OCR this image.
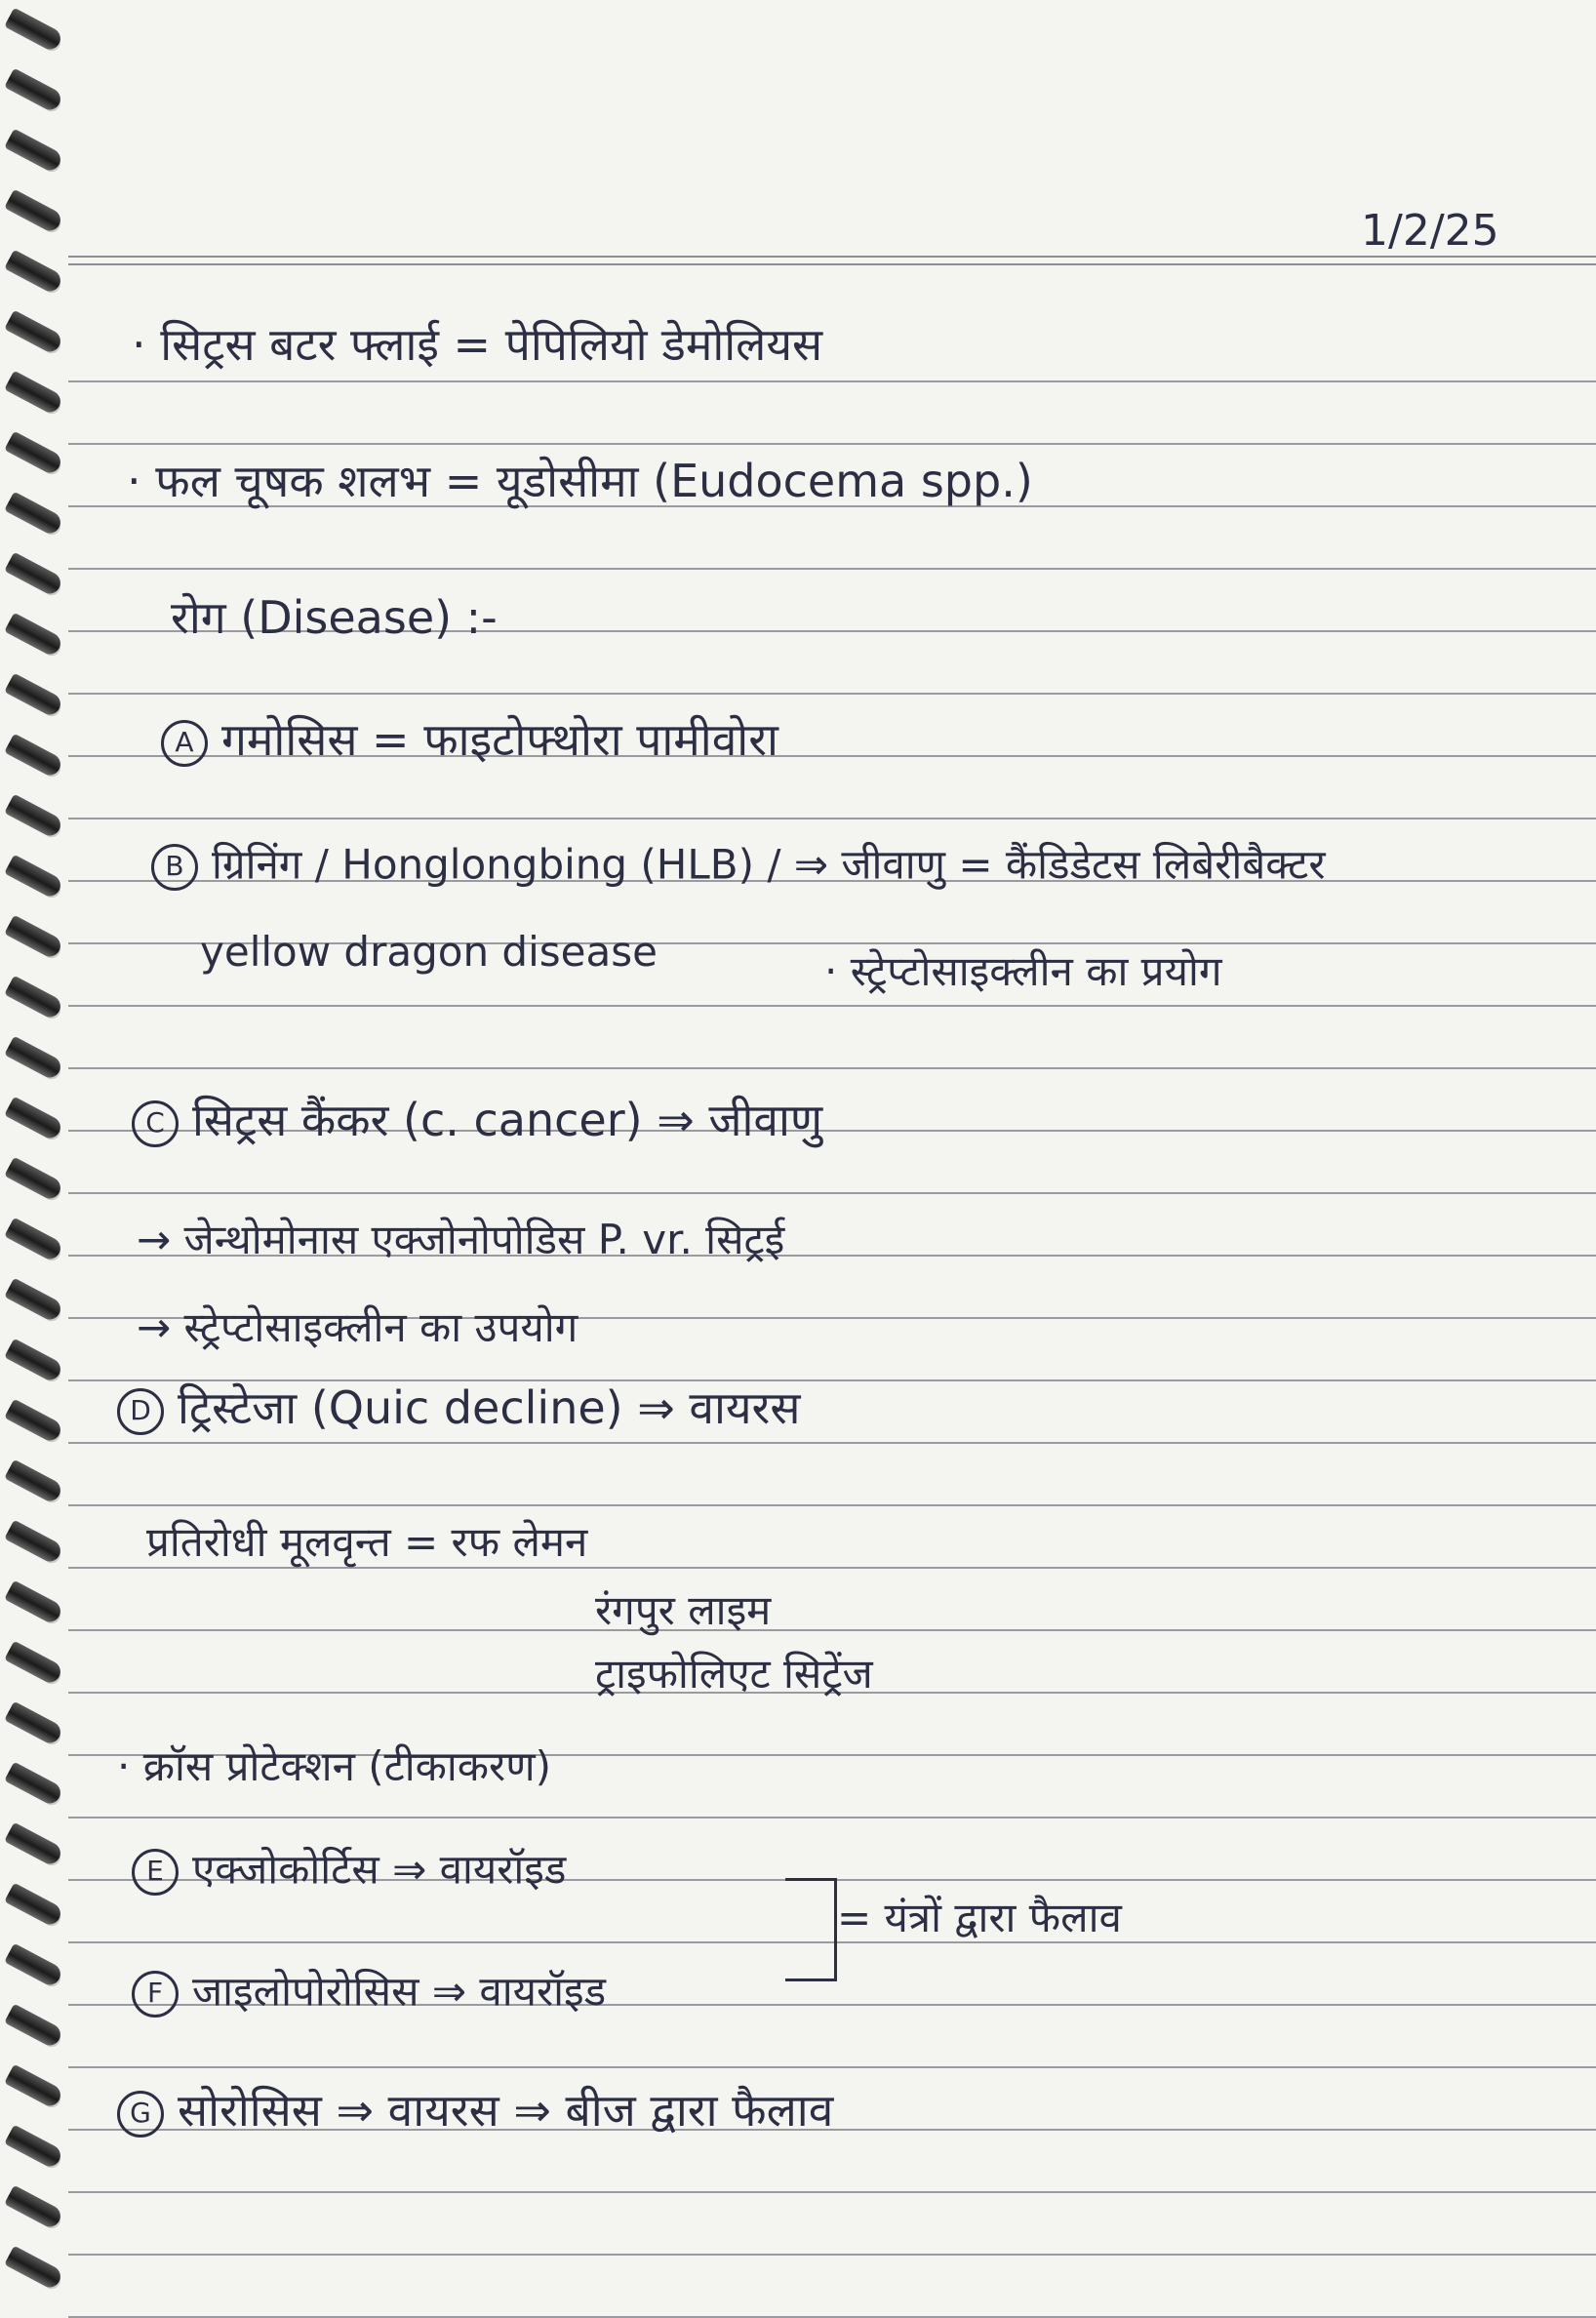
1/2/25
· सिट्रस बटर फ्लाई = पेपिलियो डेमोलियस
· फल चूषक शलभ = यूडोसीमा (Eudocema spp.)
रोग (Disease) :-
A गमोसिस = फाइटोफ्थोरा पामीवोरा
B ग्रिनिंग / Honglongbing (HLB) / ⇒ जीवाणु = कैंडिडेटस लिबेरीबैक्टर
yellow dragon disease	· स्ट्रेप्टोसाइक्लीन का प्रयोग
C सिट्रस कैंकर (c. cancer) ⇒ जीवाणु
→ जेन्थोमोनास एक्जोनोपोडिस P. vr. सिट्रई
→ स्ट्रेप्टोसाइक्लीन का उपयोग
D ट्रिस्टेजा (Quic decline) ⇒ वायरस
प्रतिरोधी मूलवृन्त = रफ लेमन
रंगपुर लाइम
ट्राइफोलिएट सिट्रेंज
· क्रॉस प्रोटेक्शन (टीकाकरण)
E एक्जोकोर्टिस ⇒ वायरॉइड
= यंत्रों द्वारा फैलाव
F जाइलोपोरोसिस ⇒ वायरॉइड
G सोरोसिस ⇒ वायरस ⇒ बीज द्वारा फैलाव
